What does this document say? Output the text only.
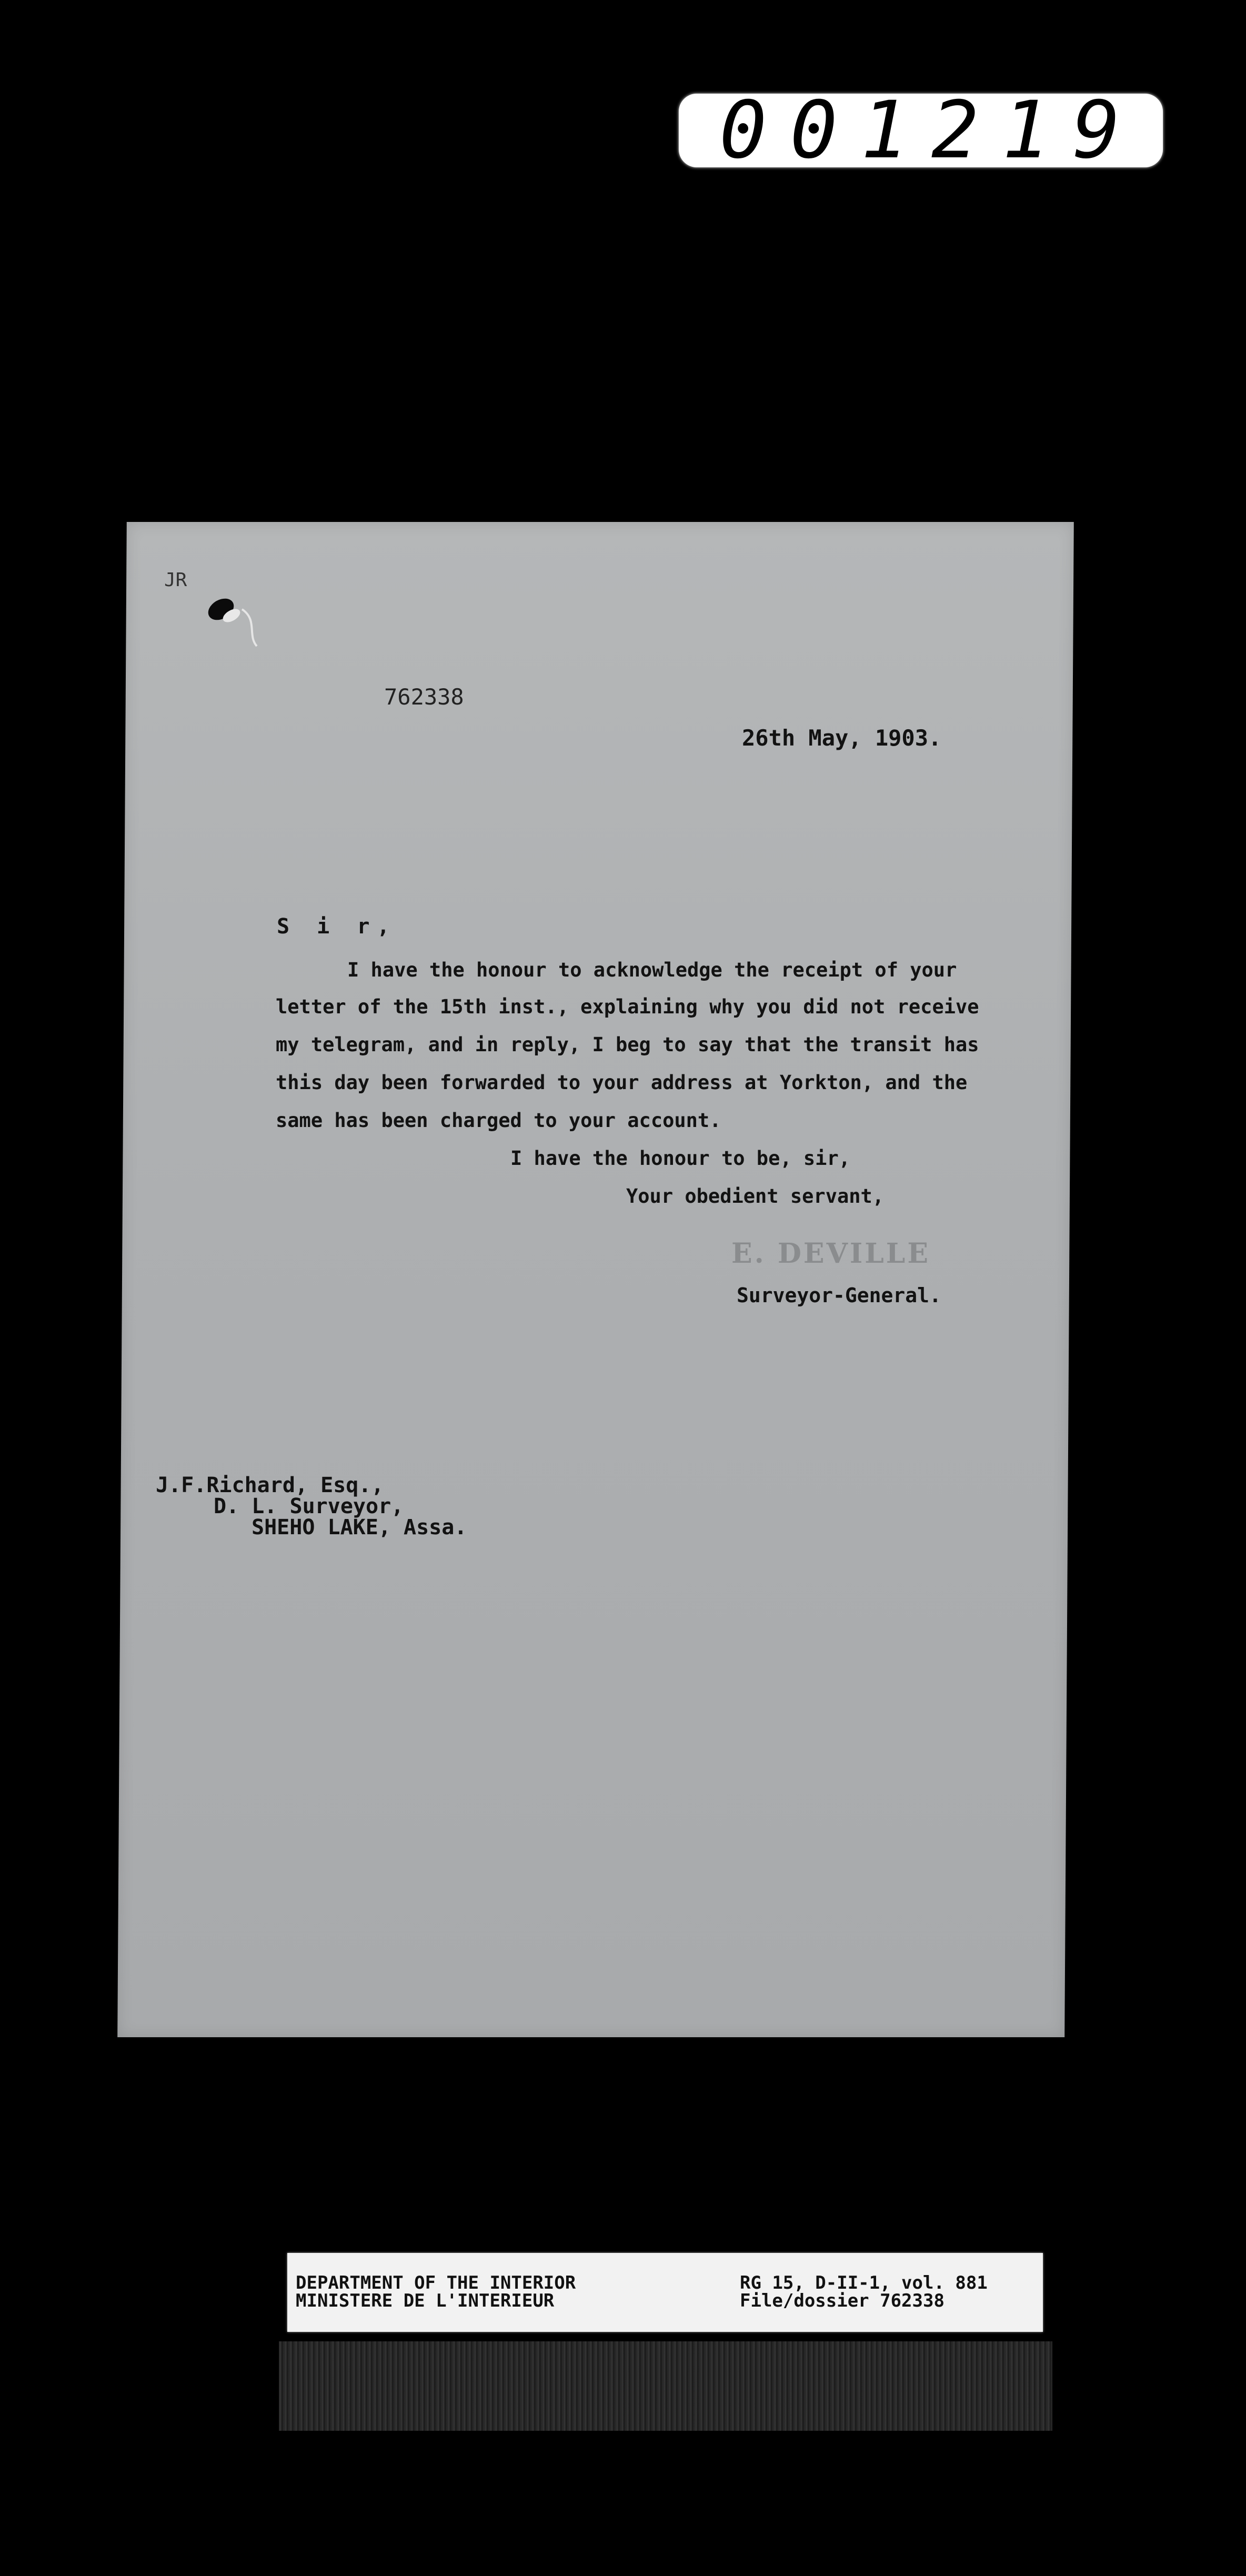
001219
JR
762338
26th May, 1903.
S i r,
I have the honour to acknowledge the receipt of your
letter of the 15th inst., explaining why you did not receive
my telegram, and in reply, I beg to say that the transit has
this day been forwarded to your address at Yorkton, and the
same has been charged to your account.
I have the honour to be, sir,
Your obedient servant,
E. DEVILLE
Surveyor-General.
J.F.Richard, Esq.,
D. L. Surveyor,
SHEHO LAKE, Assa.
DEPARTMENT OF THE INTERIOR
MINISTERE DE L'INTERIEUR
RG 15, D-II-1, vol. 881
File/dossier 762338
